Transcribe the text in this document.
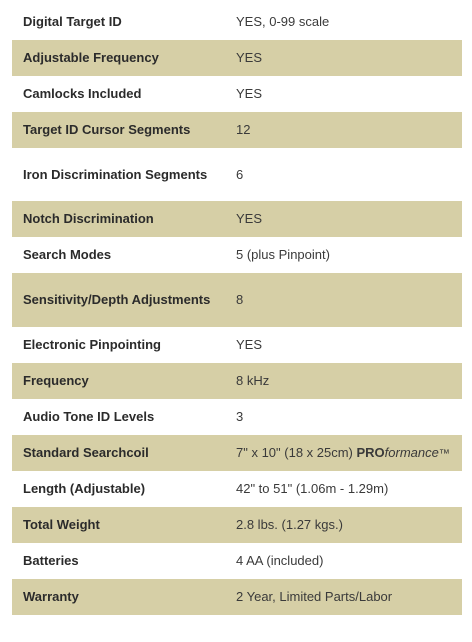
Digital Target ID	YES, 0-99 scale
Adjustable Frequency	YES
Camlocks Included	YES
Target ID Cursor Segments	12
Iron Discrimination Segments	6
Notch Discrimination	YES
Search Modes	5 (plus Pinpoint)
Sensitivity/Depth Adjustments	8
Electronic Pinpointing	YES
Frequency	8 kHz
Audio Tone ID Levels	3
Standard Searchcoil	7" x 10" (18 x 25cm) PROformance™
Length (Adjustable)	42" to 51" (1.06m - 1.29m)
Total Weight	2.8 lbs. (1.27 kgs.)
Batteries	4 AA (included)
Warranty	2 Year, Limited Parts/Labor
